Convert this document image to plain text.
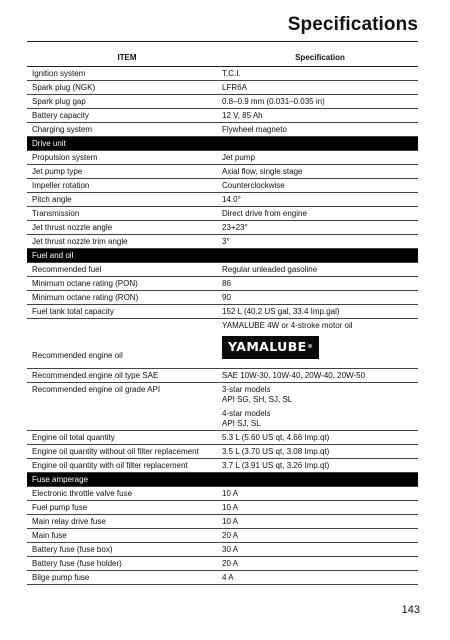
Specifications
ITEM	Specification
Ignition system	T.C.I.
Spark plug (NGK)	LFR6A
Spark plug gap	0.8–0.9 mm (0.031–0.035 in)
Battery capacity	12 V, 85 Ah
Charging system	Flywheel magneto
Drive unit
Propulsion system	Jet pump
Jet pump type	Axial flow, single stage
Impeller rotation	Counterclockwise
Pitch angle	14.0°
Transmission	Direct drive from engine
Jet thrust nozzle angle	23+23°
Jet thrust nozzle trim angle	3°
Fuel and oil
Recommended fuel	Regular unleaded gasoline
Minimum octane rating (PON)	86
Minimum octane rating (RON)	90
Fuel tank total capacity	152 L (40.2 US gal, 33.4 Imp.gal)
Recommended engine oil
YAMALUBE 4W or 4-stroke motor oil
YAMALUBE®
Recommended engine oil type SAE	SAE 10W-30, 10W-40, 20W-40, 20W-50
Recommended engine oil grade API	3-star models
API SG, SH, SJ, SL
4-star models
API SJ, SL
Engine oil total quantity	5.3 L (5.60 US qt, 4.66 Imp.qt)
Engine oil quantity without oil filter replacement	3.5 L (3.70 US qt, 3.08 Imp.qt)
Engine oil quantity with oil filter replacement	3.7 L (3.91 US qt, 3.26 Imp.qt)
Fuse amperage
Electronic throttle valve fuse	10 A
Fuel pump fuse	10 A
Main relay drive fuse	10 A
Main fuse	20 A
Battery fuse (fuse box)	30 A
Battery fuse (fuse holder)	20 A
Bilge pump fuse	4 A
143
